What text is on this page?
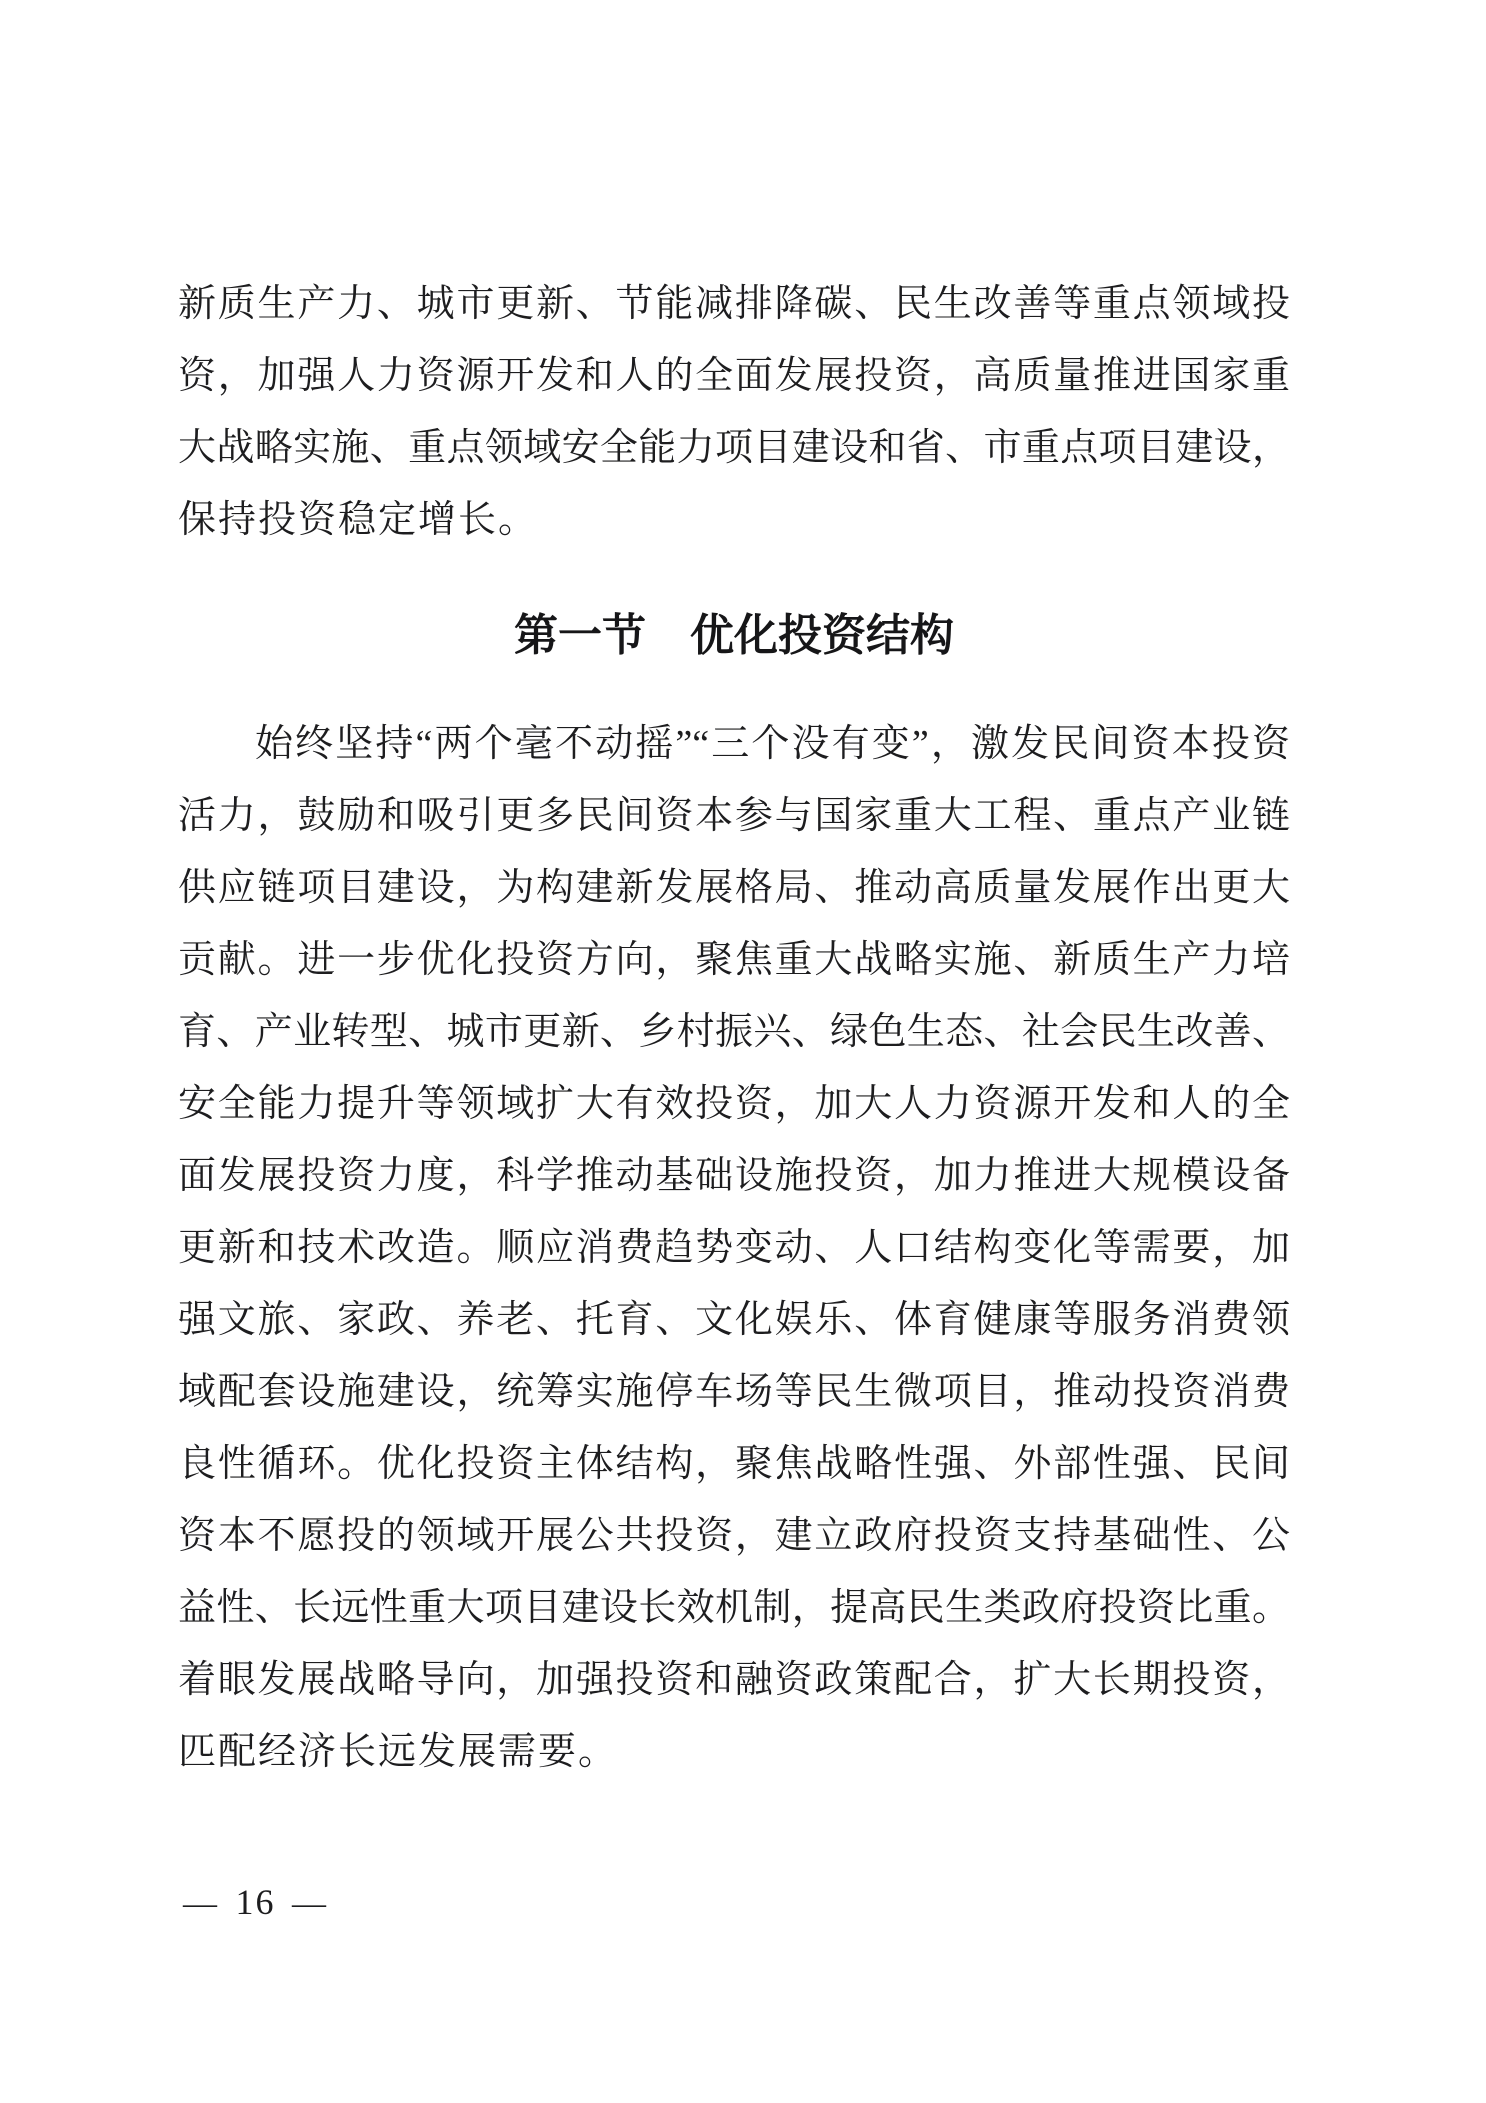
新质生产力、城市更新、节能减排降碳、民生改善等重点领域投
资，加强人力资源开发和人的全面发展投资，高质量推进国家重
大战略实施、重点领域安全能力项目建设和省、市重点项目建设，
保持投资稳定增长。
第一节　优化投资结构
始终坚持“两个毫不动摇”“三个没有变”，激发民间资本投资
活力，鼓励和吸引更多民间资本参与国家重大工程、重点产业链
供应链项目建设，为构建新发展格局、推动高质量发展作出更大
贡献。进一步优化投资方向，聚焦重大战略实施、新质生产力培
育、产业转型、城市更新、乡村振兴、绿色生态、社会民生改善、
安全能力提升等领域扩大有效投资，加大人力资源开发和人的全
面发展投资力度，科学推动基础设施投资，加力推进大规模设备
更新和技术改造。顺应消费趋势变动、人口结构变化等需要，加
强文旅、家政、养老、托育、文化娱乐、体育健康等服务消费领
域配套设施建设，统筹实施停车场等民生微项目，推动投资消费
良性循环。优化投资主体结构，聚焦战略性强、外部性强、民间
资本不愿投的领域开展公共投资，建立政府投资支持基础性、公
益性、长远性重大项目建设长效机制，提高民生类政府投资比重。
着眼发展战略导向，加强投资和融资政策配合，扩大长期投资，
匹配经济长远发展需要。
— 16 —
